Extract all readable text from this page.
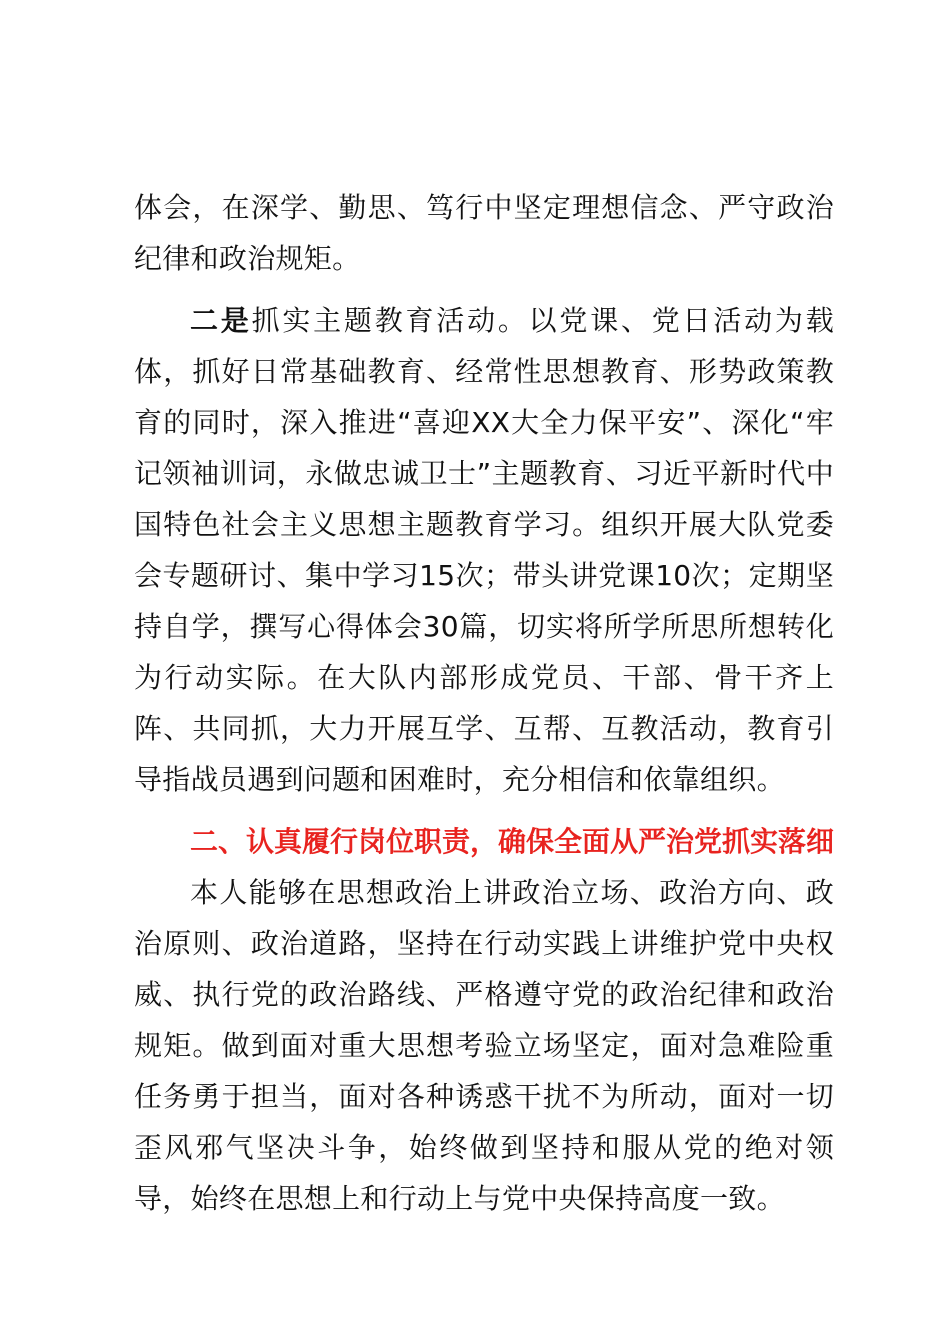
体会，在深学、勤思、笃行中坚定理想信念、严守政治纪律和政治规矩。

二是抓实主题教育活动。以党课、党日活动为载体，抓好日常基础教育、经常性思想教育、形势政策教育的同时，深入推进“喜迎XX大全力保平安”、深化“牢记领袖训词，永做忠诚卫士”主题教育、习近平新时代中国特色社会主义思想主题教育学习。组织开展大队党委会专题研讨、集中学习15次；带头讲党课10次；定期坚持自学，撰写心得体会30篇，切实将所学所思所想转化为行动实际。在大队内部形成党员、干部、骨干齐上阵、共同抓，大力开展互学、互帮、互教活动，教育引导指战员遇到问题和困难时，充分相信和依靠组织。

二、认真履行岗位职责，确保全面从严治党抓实落细

本人能够在思想政治上讲政治立场、政治方向、政治原则、政治道路，坚持在行动实践上讲维护党中央权威、执行党的政治路线、严格遵守党的政治纪律和政治规矩。做到面对重大思想考验立场坚定，面对急难险重任务勇于担当，面对各种诱惑干扰不为所动，面对一切歪风邪气坚决斗争，始终做到坚持和服从党的绝对领导，始终在思想上和行动上与党中央保持高度一致。
